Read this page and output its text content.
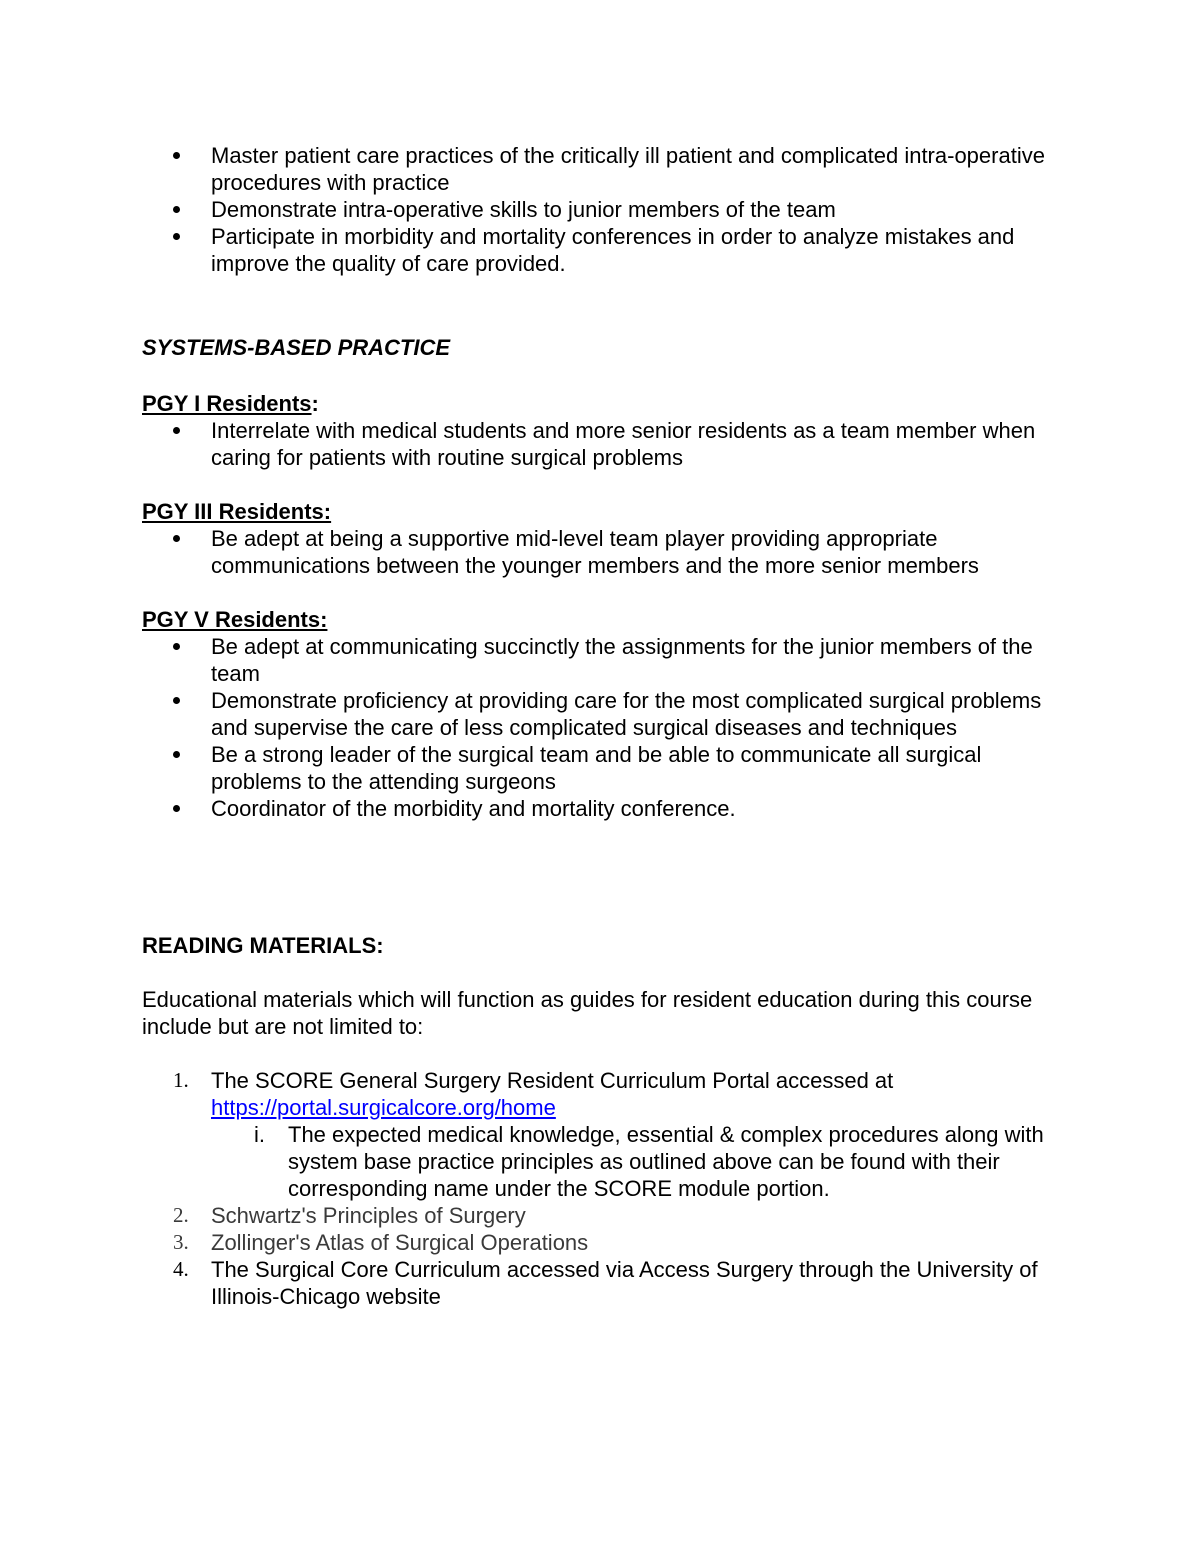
Master patient care practices of the critically ill patient and complicated intra-operative procedures with practice
Demonstrate intra-operative skills to junior members of the team
Participate in morbidity and mortality conferences in order to analyze mistakes and improve the quality of care provided.

SYSTEMS-BASED PRACTICE

PGY I Residents:

Interrelate with medical students and more senior residents as a team member when caring for patients with routine surgical problems

PGY III Residents:

Be adept at being a supportive mid-level team player providing appropriate communications between the younger members and the more senior members

PGY V Residents:

Be adept at communicating succinctly the assignments for the junior members of the team
Demonstrate proficiency at providing care for the most complicated surgical problems and supervise the care of less complicated surgical diseases and techniques
Be a strong leader of the surgical team and be able to communicate all surgical problems to the attending surgeons
Coordinator of the morbidity and mortality conference.

READING MATERIALS:

Educational materials which will function as guides for resident education during this course include but are not limited to:

1. The SCORE General Surgery Resident Curriculum Portal accessed at
https://portal.surgicalcore.org/home
i. The expected medical knowledge, essential & complex procedures along with system base practice principles as outlined above can be found with their corresponding name under the SCORE module portion.
2. Schwartz's Principles of Surgery
3. Zollinger's Atlas of Surgical Operations
4. The Surgical Core Curriculum accessed via Access Surgery through the University of Illinois-Chicago website
